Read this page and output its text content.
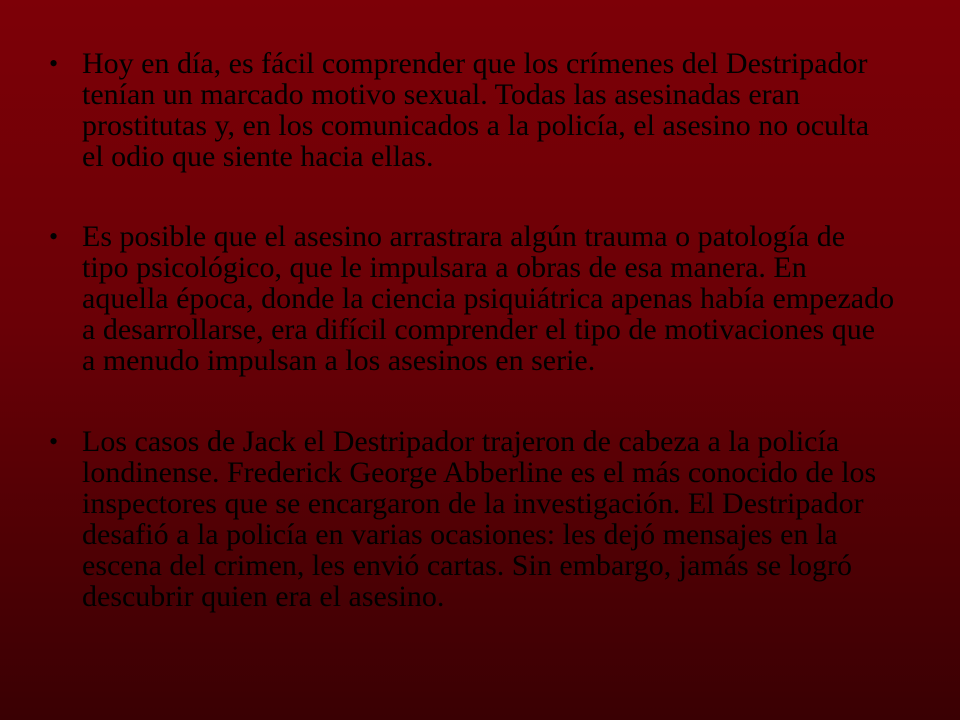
• Hoy en día, es fácil comprender que los crímenes del Destripador tenían un marcado motivo sexual. Todas las asesinadas eran prostitutas y, en los comunicados a la policía, el asesino no oculta el odio que siente hacia ellas.
• Es posible que el asesino arrastrara algún trauma o patología de tipo psicológico, que le impulsara a obras de esa manera. En aquella época, donde la ciencia psiquiátrica apenas había empezado a desarrollarse, era difícil comprender el tipo de motivaciones que a menudo impulsan a los asesinos en serie.
• Los casos de Jack el Destripador trajeron de cabeza a la policía londinense. Frederick George Abberline es el más conocido de los inspectores que se encargaron de la investigación. El Destripador desafió a la policía en varias ocasiones: les dejó mensajes en la escena del crimen, les envió cartas. Sin embargo, jamás se logró descubrir quien era el asesino.
